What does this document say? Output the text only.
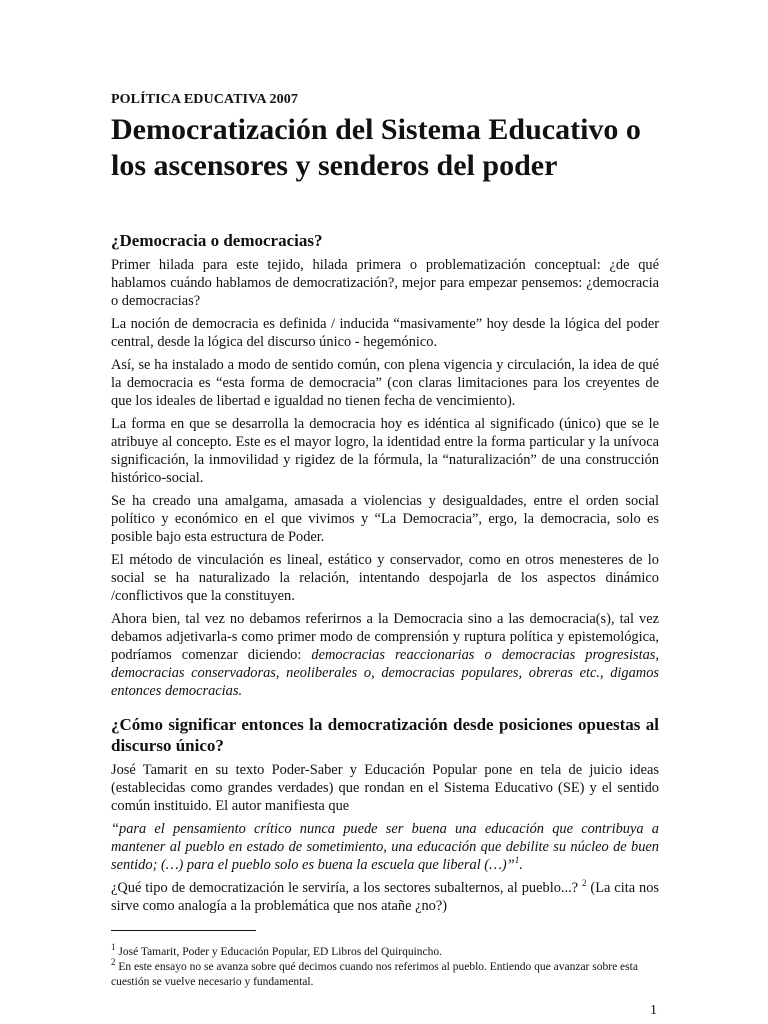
POLÍTICA EDUCATIVA 2007
Democratización del Sistema Educativo o los ascensores y senderos del poder
¿Democracia o democracias?

Primer hilada para este tejido, hilada primera o problematización conceptual: ¿de qué hablamos cuándo hablamos de democratización?, mejor para empezar pensemos: ¿democracia o democracias?

La noción de democracia es definida / inducida “masivamente” hoy desde la lógica del poder central, desde la lógica del discurso único - hegemónico.

Así, se ha instalado a modo de sentido común, con plena vigencia y circulación, la idea de qué la democracia es “esta forma de democracia” (con claras limitaciones para los creyentes de que los ideales de libertad e igualdad no tienen fecha de vencimiento).

La forma en que se desarrolla la democracia hoy es idéntica al significado (único) que se le atribuye al concepto. Este es el mayor logro, la identidad entre la forma particular y la unívoca significación, la inmovilidad y rigidez de la fórmula, la “naturalización” de una construcción histórico-social.

Se ha creado una amalgama, amasada a violencias y desigualdades, entre el orden social político y económico en el que vivimos y “La Democracia”, ergo, la democracia, solo es posible bajo esta estructura de Poder.

El método de vinculación es lineal, estático y conservador, como en otros menesteres de lo social se ha naturalizado la relación, intentando despojarla de los aspectos dinámico /conflictivos que la constituyen.

Ahora bien, tal vez no debamos referirnos a la Democracia sino a las democracia(s), tal vez debamos adjetivarla-s como primer modo de comprensión y ruptura política y epistemológica, podríamos comenzar diciendo: democracias reaccionarias o democracias progresistas, democracias conservadoras, neoliberales o, democracias populares, obreras etc., digamos entonces democracias.

¿Cómo significar entonces la democratización desde posiciones opuestas al discurso único?

José Tamarit en su texto Poder-Saber y Educación Popular pone en tela de juicio ideas (establecidas como grandes verdades) que rondan en el Sistema Educativo (SE) y el sentido común instituido. El autor manifiesta que

“para el pensamiento crítico nunca puede ser buena una educación que contribuya a mantener al pueblo en estado de sometimiento, una educación que debilite su núcleo de buen sentido; (…) para el pueblo solo es buena la escuela que liberal (…)”$^1$.

¿Qué tipo de democratización le serviría, a los sectores subalternos, al pueblo...? $^2$ (La cita nos sirve como analogía a la problemática que nos atañe ¿no?)

$^1$ José Tamarit, Poder y Educación Popular, ED Libros del Quirquincho.

$^2$ En este ensayo no se avanza sobre qué decimos cuando nos referimos al pueblo. Entiendo que avanzar sobre esta cuestión se vuelve necesario y fundamental.

1
